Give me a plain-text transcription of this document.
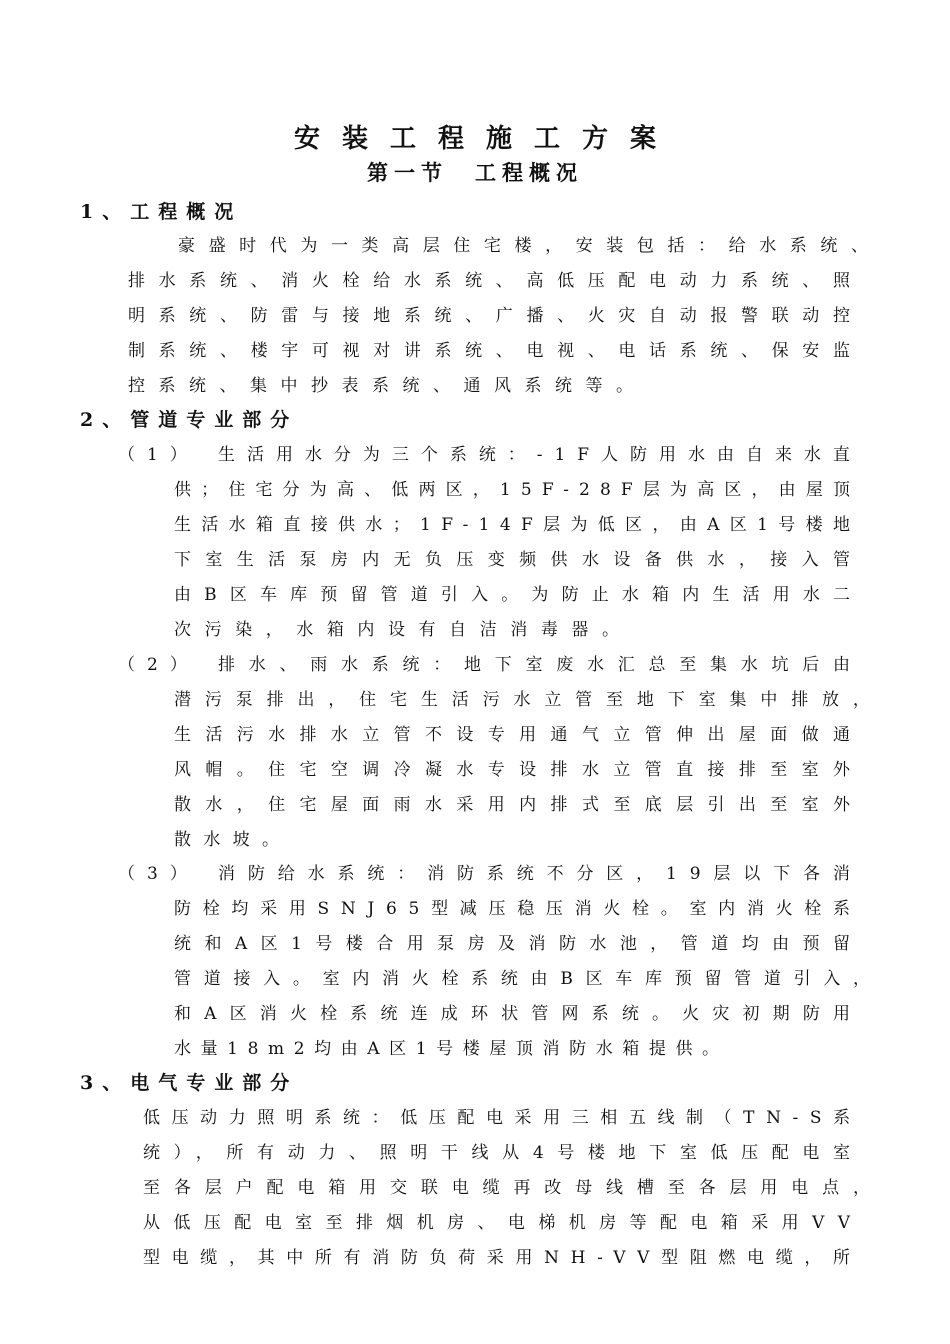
安装工程施工方案
第一节　工程概况
1、工程概况
豪盛时代为一类高层住宅楼，安装包括：给水系统、
排水系统、消火栓给水系统、高低压配电动力系统、照
明系统、防雷与接地系统、广播、火灾自动报警联动控
制系统、楼宇可视对讲系统、电视、电话系统、保安监
控系统、集中抄表系统、通风系统等。
2、管道专业部分
（1） 生活用水分为三个系统：-1F人防用水由自来水直
供；住宅分为高、低两区，15F-28F层为高区，由屋顶
生活水箱直接供水；1F-14F层为低区，由A区1号楼地
下室生活泵房内无负压变频供水设备供水，接入管
由B区车库预留管道引入。为防止水箱内生活用水二
次污染，水箱内设有自洁消毒器。
（2） 排水、雨水系统：地下室废水汇总至集水坑后由
潜污泵排出，住宅生活污水立管至地下室集中排放，
生活污水排水立管不设专用通气立管伸出屋面做通
风帽。住宅空调冷凝水专设排水立管直接排至室外
散水，住宅屋面雨水采用内排式至底层引出至室外
散水坡。
（3） 消防给水系统：消防系统不分区，19层以下各消
防栓均采用SNJ65型减压稳压消火栓。室内消火栓系
统和A区1号楼合用泵房及消防水池，管道均由预留
管道接入。室内消火栓系统由B区车库预留管道引入，
和A区消火栓系统连成环状管网系统。火灾初期防用
水量18m2均由A区1号楼屋顶消防水箱提供。
3、电气专业部分
低压动力照明系统：低压配电采用三相五线制（TN-S系
统），所有动力、照明干线从4号楼地下室低压配电室
至各层户配电箱用交联电缆再改母线槽至各层用电点，
从低压配电室至排烟机房、电梯机房等配电箱采用VV
型电缆，其中所有消防负荷采用NH-VV型阻燃电缆，所
